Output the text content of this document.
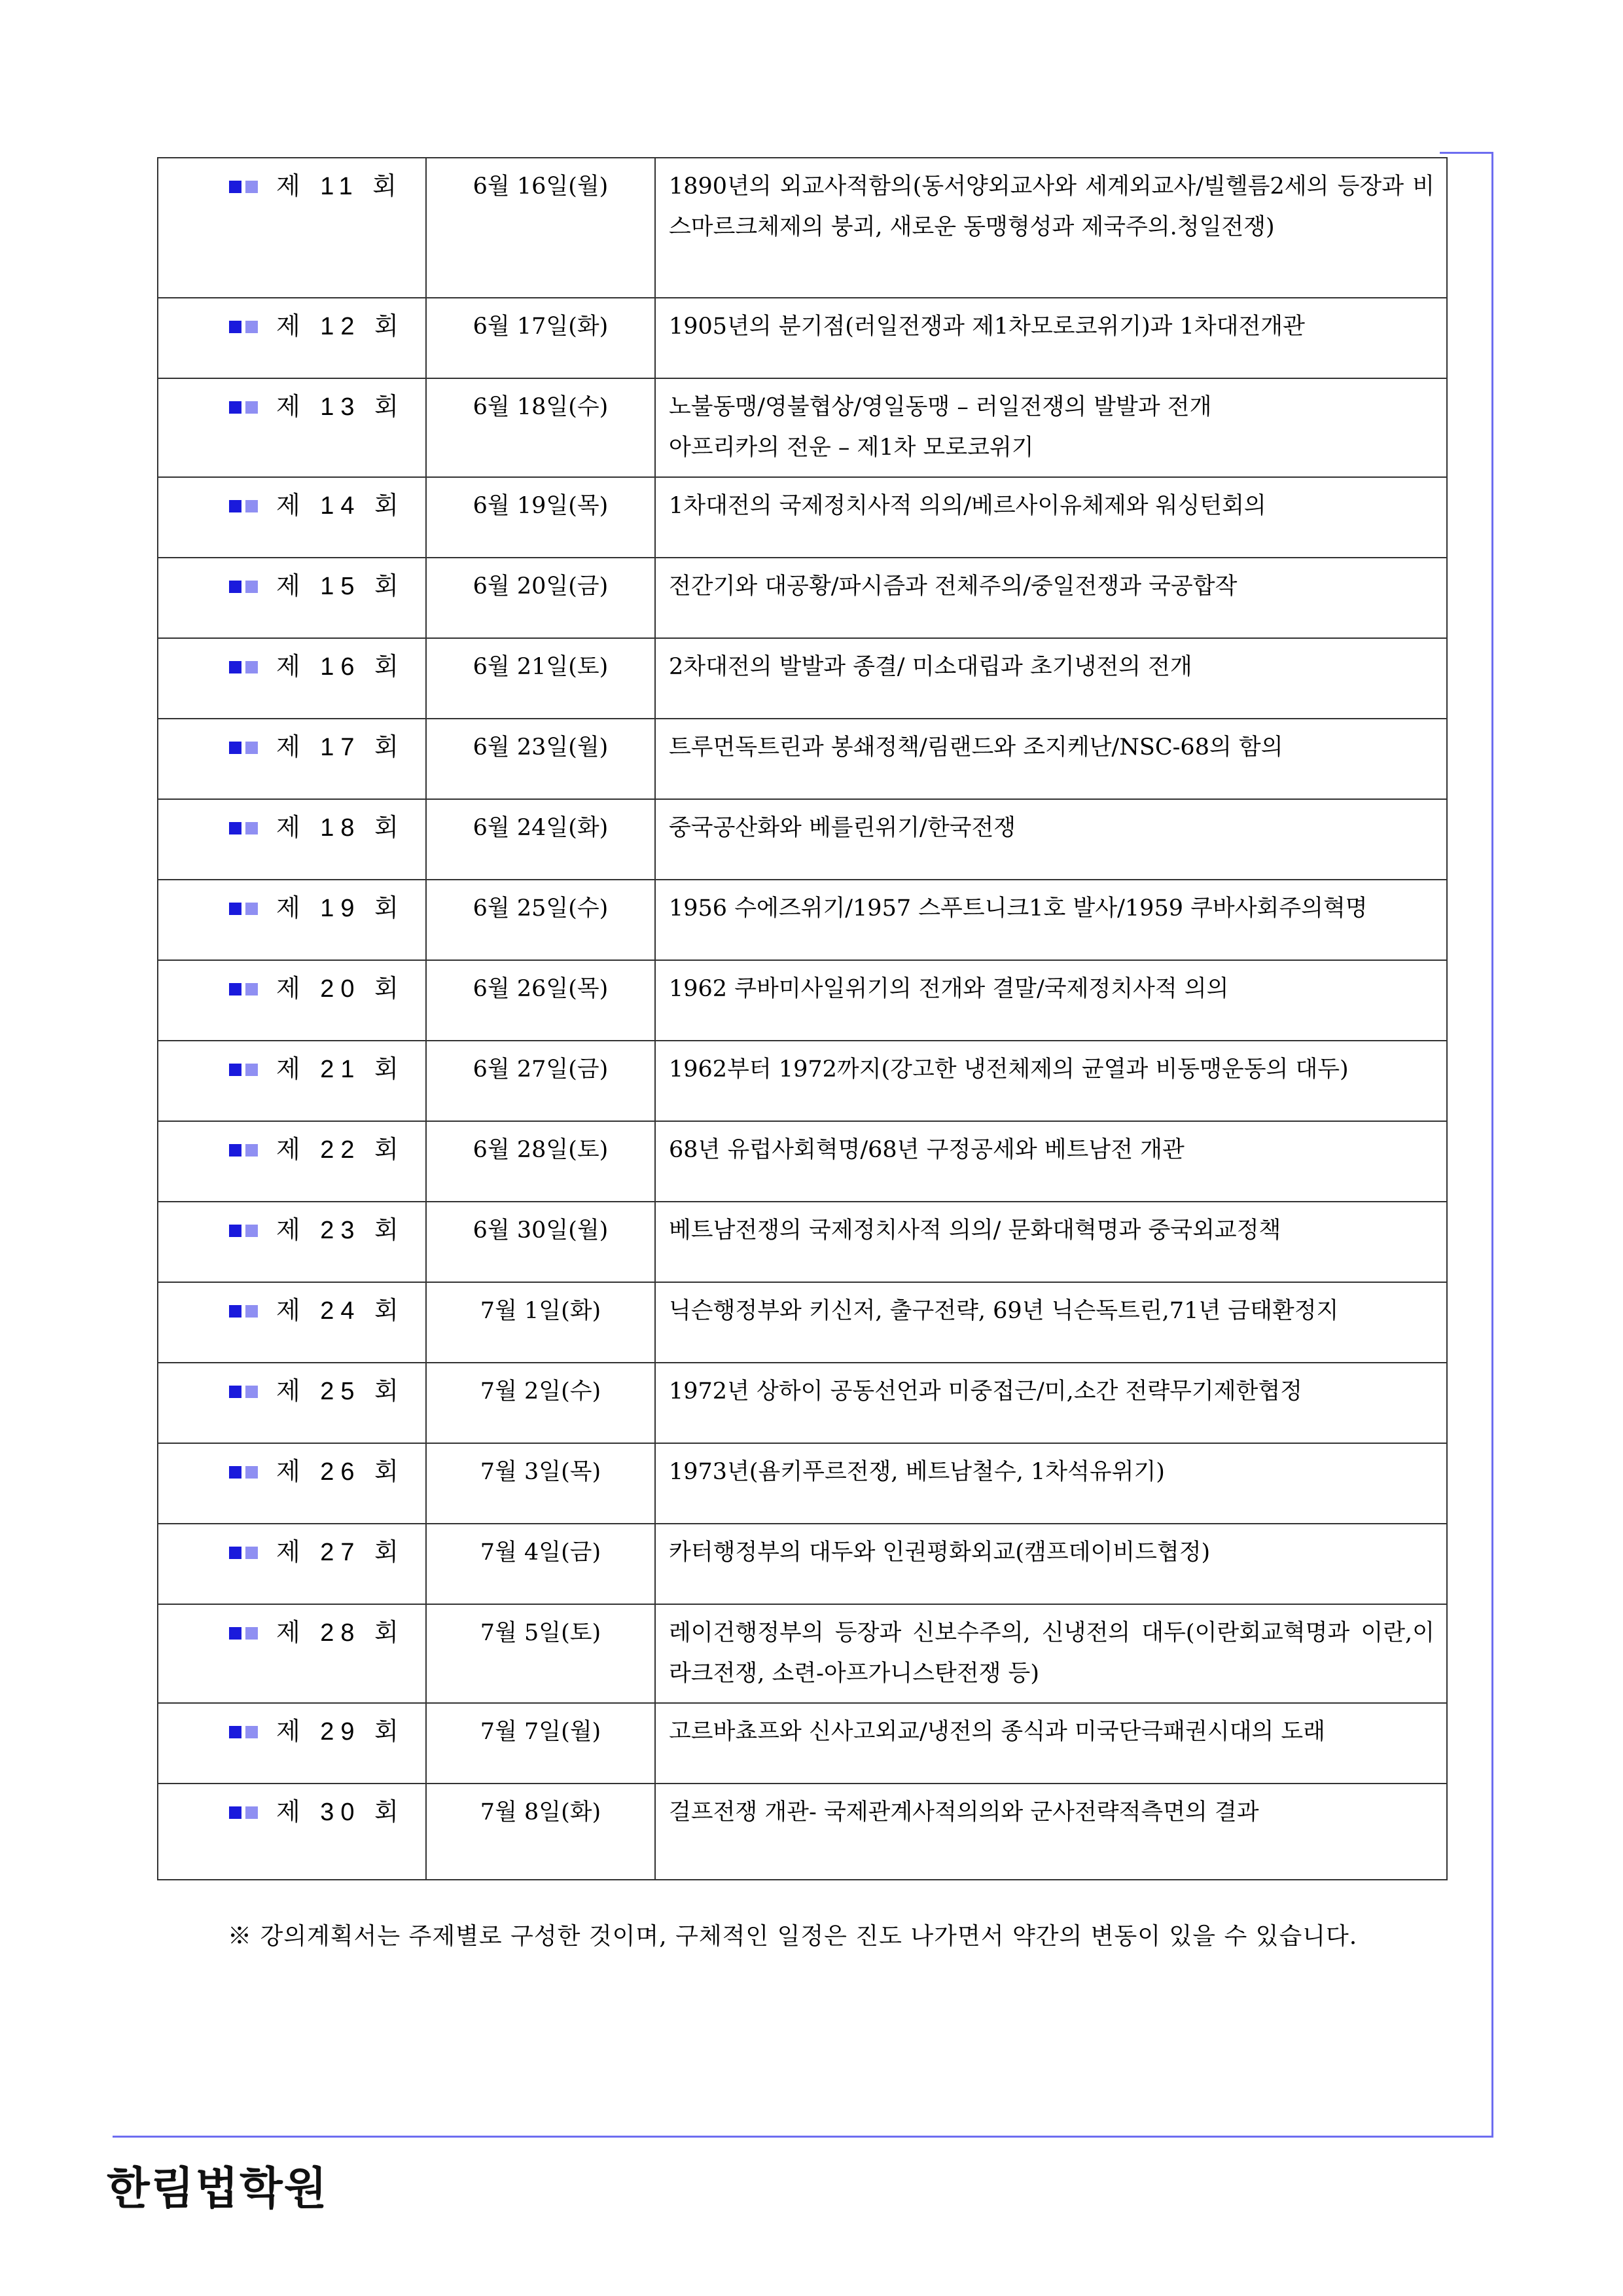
제 11 회	6월 16일(월)	1890년의 외교사적함의(동서양외교사와 세계외교사/빌헬름2세의 등장과 비스마르크체제의 붕괴, 새로운 동맹형성과 제국주의.청일전쟁)

제 12 회	6월 17일(화)	1905년의 분기점(러일전쟁과 제1차모로코위기)과 1차대전개관

제 13 회	6월 18일(수)	노불동맹/영불협상/영일동맹 – 러일전쟁의 발발과 전개
아프리카의 전운 – 제1차 모로코위기

제 14 회	6월 19일(목)	1차대전의 국제정치사적 의의/베르사이유체제와 워싱턴회의

제 15 회	6월 20일(금)	전간기와 대공황/파시즘과 전체주의/중일전쟁과 국공합작

제 16 회	6월 21일(토)	2차대전의 발발과 종결/ 미소대립과 초기냉전의 전개

제 17 회	6월 23일(월)	트루먼독트린과 봉쇄정책/림랜드와 조지케난/NSC-68의 함의

제 18 회	6월 24일(화)	중국공산화와 베를린위기/한국전쟁

제 19 회	6월 25일(수)	1956 수에즈위기/1957 스푸트니크1호 발사/1959 쿠바사회주의혁명

제 20 회	6월 26일(목)	1962 쿠바미사일위기의 전개와 결말/국제정치사적 의의

제 21 회	6월 27일(금)	1962부터 1972까지(강고한 냉전체제의 균열과 비동맹운동의 대두)

제 22 회	6월 28일(토)	68년 유럽사회혁명/68년 구정공세와 베트남전 개관

제 23 회	6월 30일(월)	베트남전쟁의 국제정치사적 의의/ 문화대혁명과 중국외교정책

제 24 회	7월 1일(화)	닉슨행정부와 키신저, 출구전략, 69년 닉슨독트린,71년 금태환정지

제 25 회	7월 2일(수)	1972년 상하이 공동선언과 미중접근/미,소간 전략무기제한협정

제 26 회	7월 3일(목)	1973년(욤키푸르전쟁, 베트남철수, 1차석유위기)

제 27 회	7월 4일(금)	카터행정부의 대두와 인권평화외교(캠프데이비드협정)

제 28 회	7월 5일(토)	레이건행정부의 등장과 신보수주의, 신냉전의 대두(이란회교혁명과 이란,이라크전쟁, 소련-아프가니스탄전쟁 등)

제 29 회	7월 7일(월)	고르바쵸프와 신사고외교/냉전의 종식과 미국단극패권시대의 도래

제 30 회	7월 8일(화)	걸프전쟁 개관- 국제관계사적의의와 군사전략적측면의 결과
※ 강의계획서는 주제별로 구성한 것이며, 구체적인 일정은 진도 나가면서 약간의 변동이 있을 수 있습니다.
한림법학원
